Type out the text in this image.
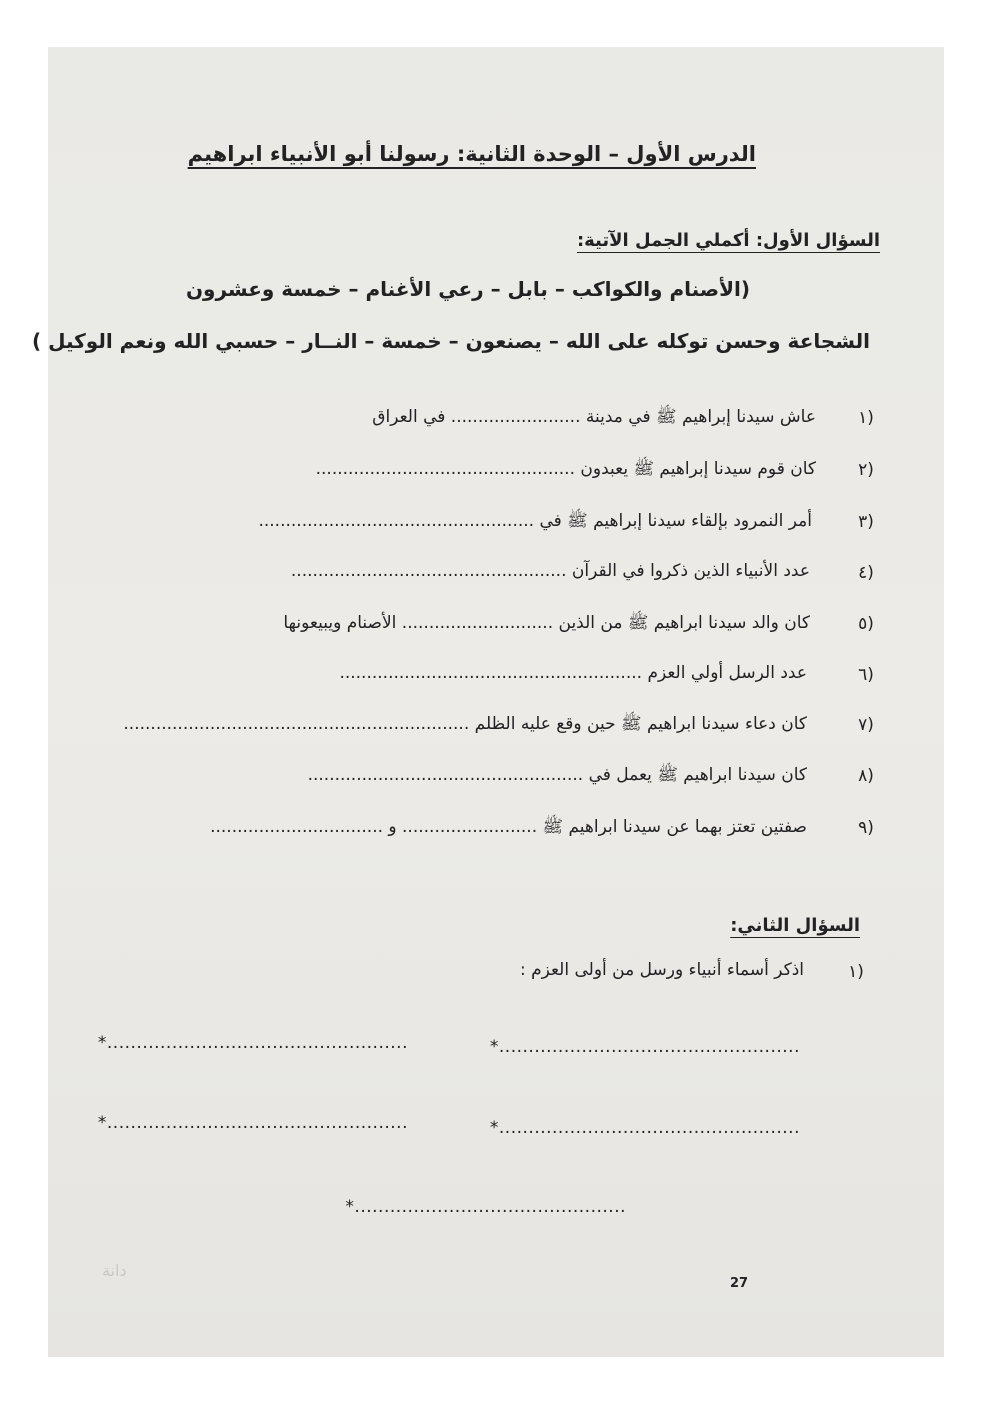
الدرس الأول – الوحدة الثانية: رسولنا أبو الأنبياء ابراهيم
السؤال الأول: أكملي الجمل الآتية:
(الأصنام والكواكب – بابل – رعي الأغنام – خمسة وعشرون
الشجاعة وحسن توكله على الله – يصنعون – خمسة – النــار – حسبي الله ونعم الوكيل )
١)
عاش سيدنا إبراهيم ﷺ في مدينة ........................ في العراق
٢)
كان قوم سيدنا إبراهيم ﷺ يعبدون ................................................
٣)
أمر النمرود بإلقاء سيدنا إبراهيم ﷺ في ...................................................
٤)
عدد الأنبياء الذين ذكروا في القرآن ...................................................
٥)
كان والد سيدنا ابراهيم ﷺ من الذين ............................ الأصنام ويبيعونها
٦)
عدد الرسل أولي العزم ........................................................
٧)
كان دعاء سيدنا ابراهيم ﷺ حين وقع عليه الظلم ................................................................
٨)
كان سيدنا ابراهيم ﷺ يعمل في ...................................................
٩)
صفتين تعتز بهما عن سيدنا ابراهيم ﷺ ......................... و ................................
السؤال الثاني:
١)
اذكر أسماء أنبياء ورسل من أولى العزم :
*...................................................
*...................................................
*...................................................
*...................................................
*..............................................
27
دانة
